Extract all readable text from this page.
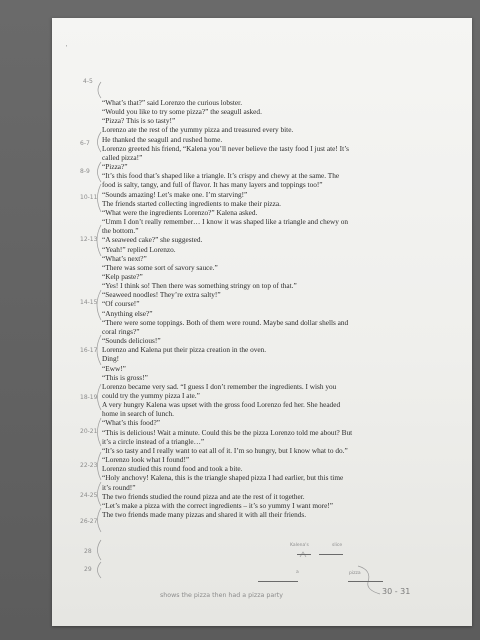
'
“What’s that?” said Lorenzo the curious lobster.
“Would you like to try some pizza?” the seagull asked.
“Pizza? This is so tasty!”
Lorenzo ate the rest of the yummy pizza and treasured every bite.
He thanked the seagull and rushed home.
Lorenzo greeted his friend, “Kalena you’ll never believe the tasty food I just ate! It’s
called pizza!”
“Pizza?”
“It’s this food that’s shaped like a triangle. It’s crispy and chewy at the same. The
food is salty, tangy, and full of flavor. It has many layers and toppings too!”
“Sounds amazing! Let’s make one. I’m starving!”
The friends started collecting ingredients to make their pizza.
“What were the ingredients Lorenzo?” Kalena asked.
“Umm I don’t really remember… I know it was shaped like a triangle and chewy on
the bottom.”
“A seaweed cake?” she suggested.
“Yeah!” replied Lorenzo.
“What’s next?”
“There was some sort of savory sauce.”
“Kelp paste?”
“Yes! I think so! Then there was something stringy on top of that.”
“Seaweed noodles! They’re extra salty!”
“Of course!”
“Anything else?”
“There were some toppings. Both of them were round. Maybe sand dollar shells and
coral rings?”
“Sounds delicious!”
Lorenzo and Kalena put their pizza creation in the oven.
Ding!
“Eww!”
“This is gross!”
Lorenzo became very sad. “I guess I don’t remember the ingredients. I wish you
could try the yummy pizza I ate.”
A very hungry Kalena was upset with the gross food Lorenzo fed her. She headed
home in search of lunch.
“What’s this food?”
“This is delicious! Wait a minute. Could this be the pizza Lorenzo told me about? But
it’s a circle instead of a triangle…”
“It’s so tasty and I really want to eat all of it. I’m so hungry, but I know what to do.”
“Lorenzo look what I found!”
Lorenzo studied this round food and took a bite.
“Holy anchovy! Kalena, this is the triangle shaped pizza I had earlier, but this time
it’s round!”
The two friends studied the round pizza and ate the rest of it together.
“Let’s make a pizza with the correct ingredients – it’s so yummy I want more!”
The two friends made many pizzas and shared it with all their friends.
4-5
6-7
8-9
10-11
12-13
14-15
16-17
18-19
20-21
22-23
24-25
26-27
28
29
Kalena's	slice
a	pizza
shows the pizza then had a pizza party	30 - 31
